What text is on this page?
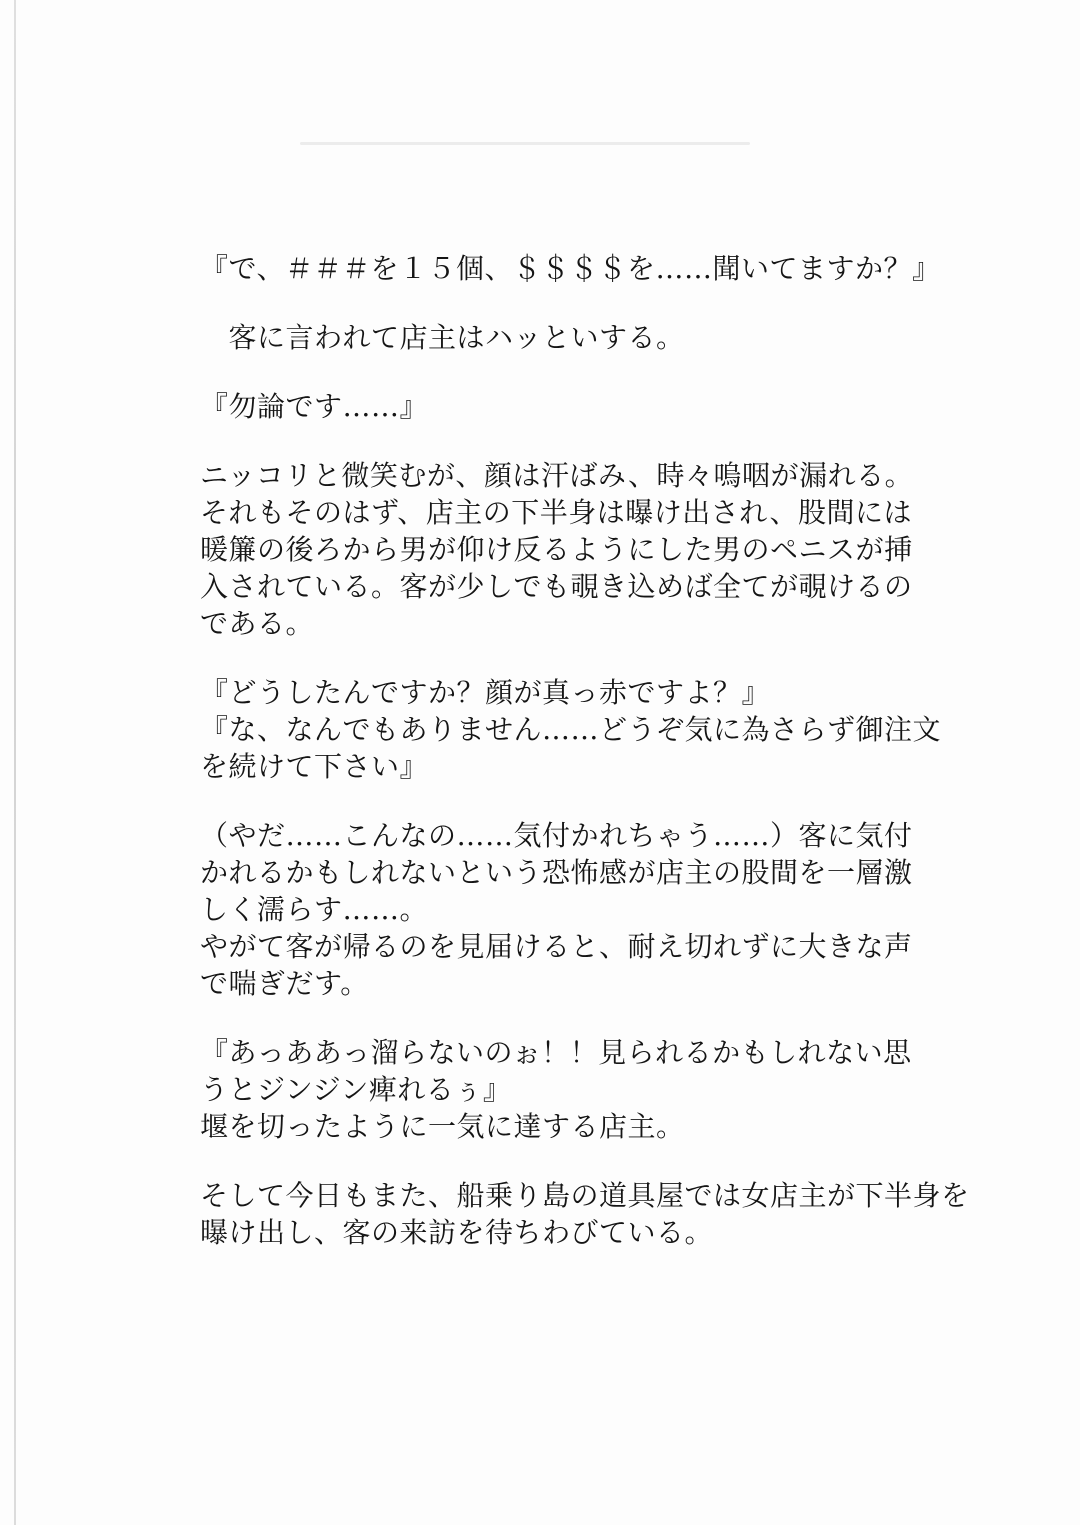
『で、＃＃＃を１５個、＄＄＄＄を……聞いてますか？』
　客に言われて店主はハッといする。
『勿論です……』
ニッコリと微笑むが、顔は汗ばみ、時々嗚咽が漏れる。
それもそのはず、店主の下半身は曝け出され、股間には
暖簾の後ろから男が仰け反るようにした男のペニスが挿
入されている。客が少しでも覗き込めば全てが覗けるの
である。
『どうしたんですか？顔が真っ赤ですよ？』
『な、なんでもありません……どうぞ気に為さらず御注文
を続けて下さい』
（やだ……こんなの……気付かれちゃう……）客に気付
かれるかもしれないという恐怖感が店主の股間を一層激
しく濡らす……。
やがて客が帰るのを見届けると、耐え切れずに大きな声
で喘ぎだす。
『あっああっ溜らないのぉ！！見られるかもしれない思
うとジンジン痺れるぅ』
堰を切ったように一気に達する店主。
そして今日もまた、船乗り島の道具屋では女店主が下半身を
曝け出し、客の来訪を待ちわびている。
